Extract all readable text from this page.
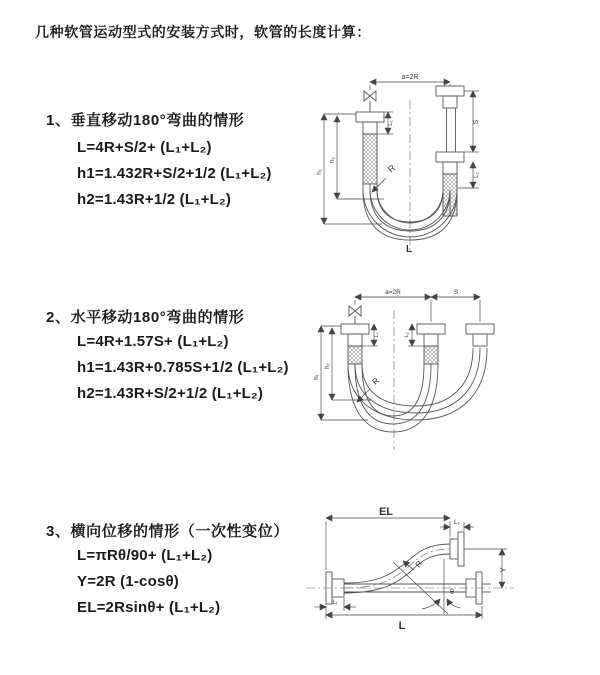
几种软管运动型式的安装方式时，软管的长度计算：
1、垂直移动180°弯曲的情形
L=4R+S/2+ (L₁+L₂)
h1=1.432R+S/2+1/2 (L₁+L₂)
h2=1.43R+1/2 (L₁+L₂)
2、水平移动180°弯曲的情形
L=4R+1.57S+ (L₁+L₂)
h1=1.43R+0.785S+1/2 (L₁+L₂)
h2=1.43R+S/2+1/2 (L₁+L₂)
3、横向位移的情形（一次性变位）
L=πRθ/90+ (L₁+L₂)
Y=2R (1-cosθ)
EL=2Rsinθ+ (L₁+L₂)
a=2R
R
L
h₁
h₂
S
L₂
L₁
a=2R	S
R
h₁
h₂
L₁	L₂
EL
L₂
Y
L
L₁
R
θ
